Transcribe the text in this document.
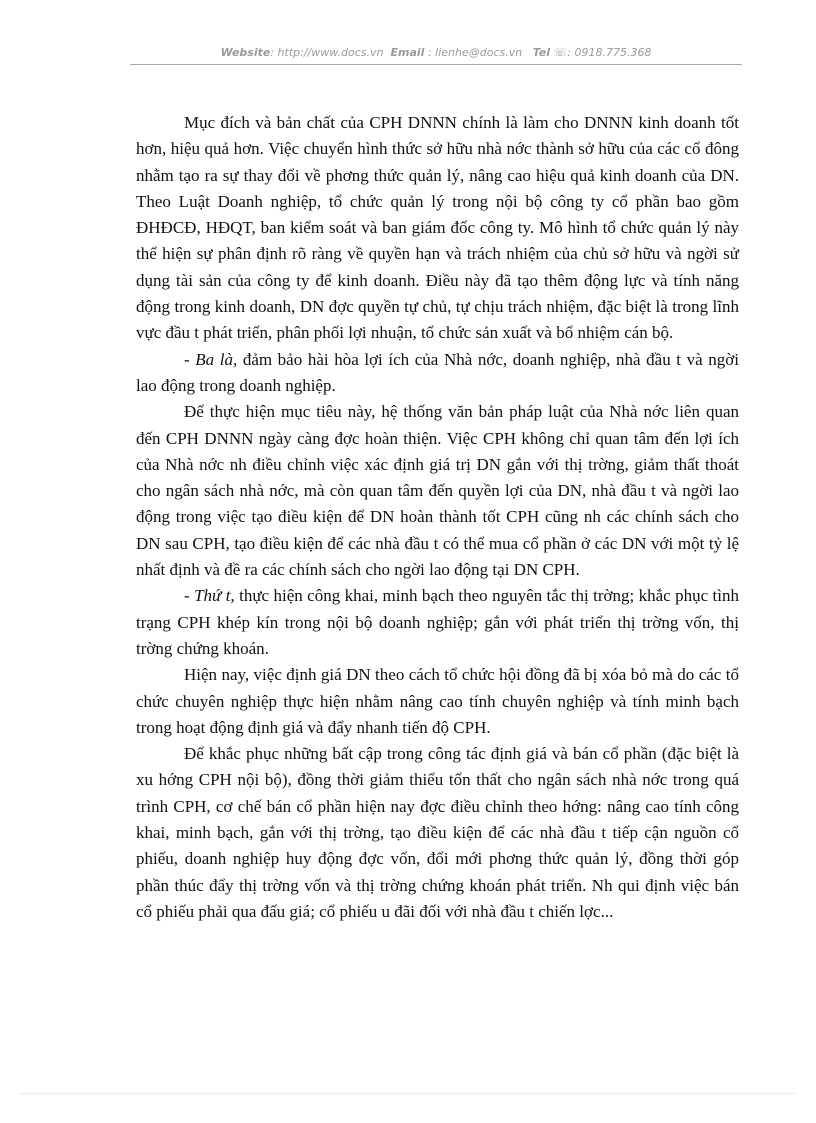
Website: http://www.docs.vn Email : lienhe@docs.vn Tel ☏: 0918.775.368

Mục đích và bản chất của CPH DNNN chính là làm cho DNNN kinh doanh tốt hơn, hiệu quả hơn. Việc chuyển hình thức sở hữu nhà nớc thành sở hữu của các cổ đông nhằm tạo ra sự thay đổi về phơng thức quản lý, nâng cao hiệu quả kinh doanh của DN. Theo Luật Doanh nghiệp, tổ chức quản lý trong nội bộ công ty cổ phần bao gồm ĐHĐCĐ, HĐQT, ban kiểm soát và ban giám đốc công ty. Mô hình tổ chức quản lý này thể hiện sự phân định rõ ràng về quyền hạn và trách nhiệm của chủ sở hữu và ngời sử dụng tài sản của công ty để kinh doanh. Điều này đã tạo thêm động lực và tính năng động trong kinh doanh, DN đợc quyền tự chủ, tự chịu trách nhiệm, đặc biệt là trong lĩnh vực đầu t phát triển, phân phối lợi nhuận, tổ chức sản xuất và bổ nhiệm cán bộ.

- Ba là, đảm bảo hài hòa lợi ích của Nhà nớc, doanh nghiệp, nhà đầu t và ngời lao động trong doanh nghiệp.

Để thực hiện mục tiêu này, hệ thống văn bản pháp luật của Nhà nớc liên quan đến CPH DNNN ngày càng đợc hoàn thiện. Việc CPH không chỉ quan tâm đến lợi ích của Nhà nớc nh điều chỉnh việc xác định giá trị DN gắn với thị trờng, giảm thất thoát cho ngân sách nhà nớc, mà còn quan tâm đến quyền lợi của DN, nhà đầu t và ngời lao động trong việc tạo điều kiện để DN hoàn thành tốt CPH cũng nh các chính sách cho DN sau CPH, tạo điều kiện để các nhà đầu t có thể mua cổ phần ở các DN với một tỷ lệ nhất định và đề ra các chính sách cho ngời lao động tại DN CPH.

- Thứ t, thực hiện công khai, minh bạch theo nguyên tắc thị trờng; khắc phục tình trạng CPH khép kín trong nội bộ doanh nghiệp; gắn với phát triển thị trờng vốn, thị trờng chứng khoán.

Hiện nay, việc định giá DN theo cách tổ chức hội đồng đã bị xóa bỏ mà do các tổ chức chuyên nghiệp thực hiện nhằm nâng cao tính chuyên nghiệp và tính minh bạch trong hoạt động định giá và đẩy nhanh tiến độ CPH.

Để khắc phục những bất cập trong công tác định giá và bán cổ phần (đặc biệt là xu hớng CPH nội bộ), đồng thời giảm thiểu tổn thất cho ngân sách nhà nớc trong quá trình CPH, cơ chế bán cổ phần hiện nay đợc điều chỉnh theo hớng: nâng cao tính công khai, minh bạch, gắn với thị trờng, tạo điều kiện để các nhà đầu t tiếp cận nguồn cổ phiếu, doanh nghiệp huy động đợc vốn, đổi mới phơng thức quản lý, đồng thời góp phần thúc đẩy thị trờng vốn và thị trờng chứng khoán phát triển. Nh qui định việc bán cổ phiếu phải qua đấu giá; cổ phiếu u đãi đối với nhà đầu t chiến lợc...
